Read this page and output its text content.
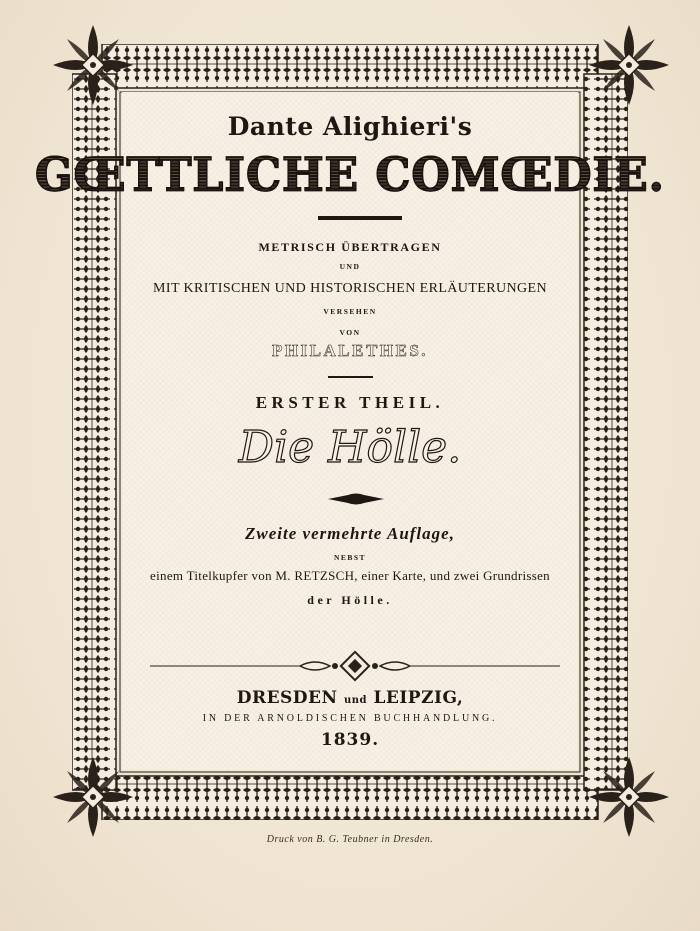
Dante Alighieri's
GŒTTLICHE COMŒDIE.
METRISCH ÜBERTRAGEN
UND
MIT KRITISCHEN UND HISTORISCHEN ERLÄUTERUNGEN
VERSEHEN
VON
PHILALETHES.
ERSTER THEIL.
Die Hölle.
Zweite vermehrte Auflage,
NEBST
einem Titelkupfer von M. RETZSCH, einer Karte, und zwei Grundrissen
der Hölle.
DRESDEN und LEIPZIG,
IN DER ARNOLDISCHEN BUCHHANDLUNG.
1839.
Druck von B. G. Teubner in Dresden.
